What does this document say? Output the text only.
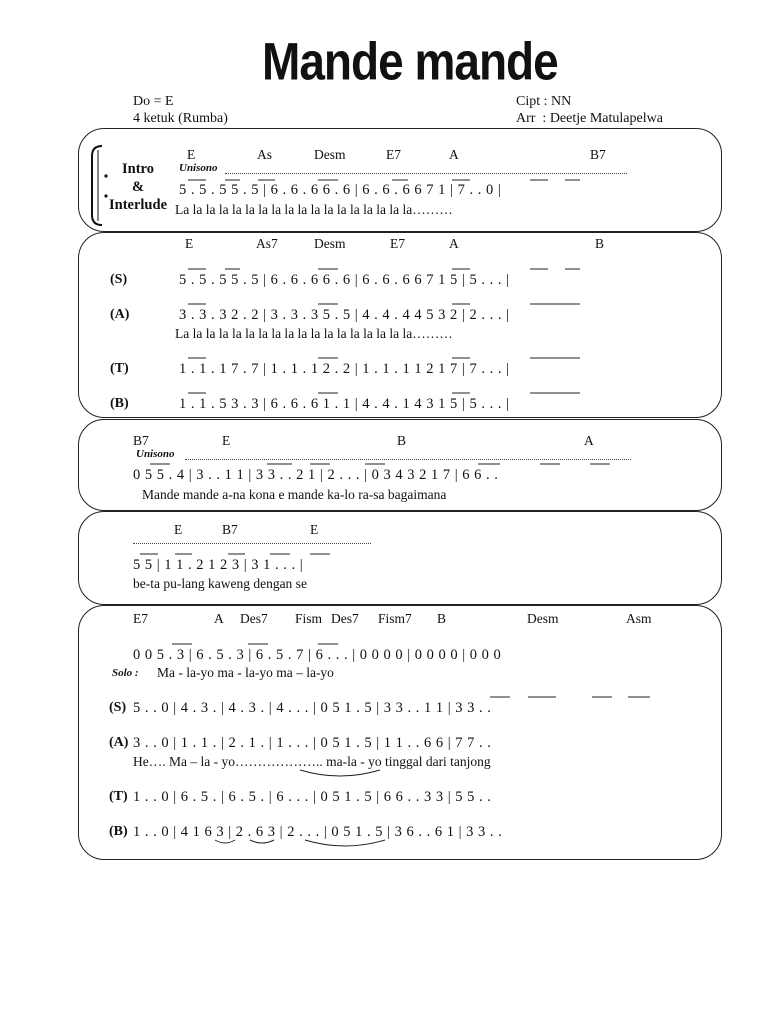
Mande mande
Do = E
4 ketuk (Rumba)
Cipt : NN
Arr  : Deetje Matulapelwa
Intro
&
Interlude
E	As	Desm	E7	A	B7
Unisono
5 . 5 . 5 5 . 5 | 6 . 6 . 6 6 . 6 | 6 . 6 . 6 6 7 1 | 7 . . 0 |
La la la la la la la la la la la la la la la la la la………
E	As7	Desm	E7	A	B
(S)	5 . 5 . 5 5 . 5 | 6 . 6 . 6 6 . 6 | 6 . 6 . 6 6 7 1 5 | 5 . . . |
(A)	3 . 3 . 3 2 . 2 | 3 . 3 . 3 5 . 5 | 4 . 4 . 4 4 5 3 2 | 2 . . . |
La la la la la la la la la la la la la la la la la la………
(T)	1 . 1 . 1 7 . 7 | 1 . 1 . 1 2 . 2 | 1 . 1 . 1 1 2 1 7 | 7 . . . |
(B)	1 . 1 . 5 3 . 3 | 6 . 6 . 6 1 . 1 | 4 . 4 . 1 4 3 1 5 | 5 . . . |
B7	E	B	A
Unisono
0 5 5 . 4 | 3 . . 1 1 | 3 3 . . 2 1 | 2 . . . | 0 3 4 3 2 1 7 | 6 6 . .
Mande mande a-na kona e mande ka-lo ra-sa bagaimana
E	B7	E
5 5 | 1 1 . 2 1 2 3 | 3 1 . . . |
be-ta pu-lang kaweng dengan se
E7	A Des7 Fism Des7 Fism7 B	Desm	Asm
0 0 5 . 3 | 6 . 5 . 3 | 6 . 5 . 7 | 6 . . . | 0 0 0 0 | 0 0 0 0 | 0 0 0
Solo : Ma - la-yo ma - la-yo ma – la-yo
(S) 5 . . 0 | 4 . 3 . | 4 . 3 . | 4 . . . | 0 5 1 . 5 | 3 3 . . 1 1 | 3 3 . .
(A) 3 . . 0 | 1 . 1 . | 2 . 1 . | 1 . . . | 0 5 1 . 5 | 1 1 . . 6 6 | 7 7 . .
He…. Ma – la - yo……………….. ma-la - yo tinggal dari tanjong
(T) 1 . . 0 | 6 . 5 . | 6 . 5 . | 6 . . . | 0 5 1 . 5 | 6 6 . . 3 3 | 5 5 . .
(B) 1 . . 0 | 4 1 6 3 | 2 . 6 3 | 2 . . . | 0 5 1 . 5 | 3 6 . . 6 1 | 3 3 . .
